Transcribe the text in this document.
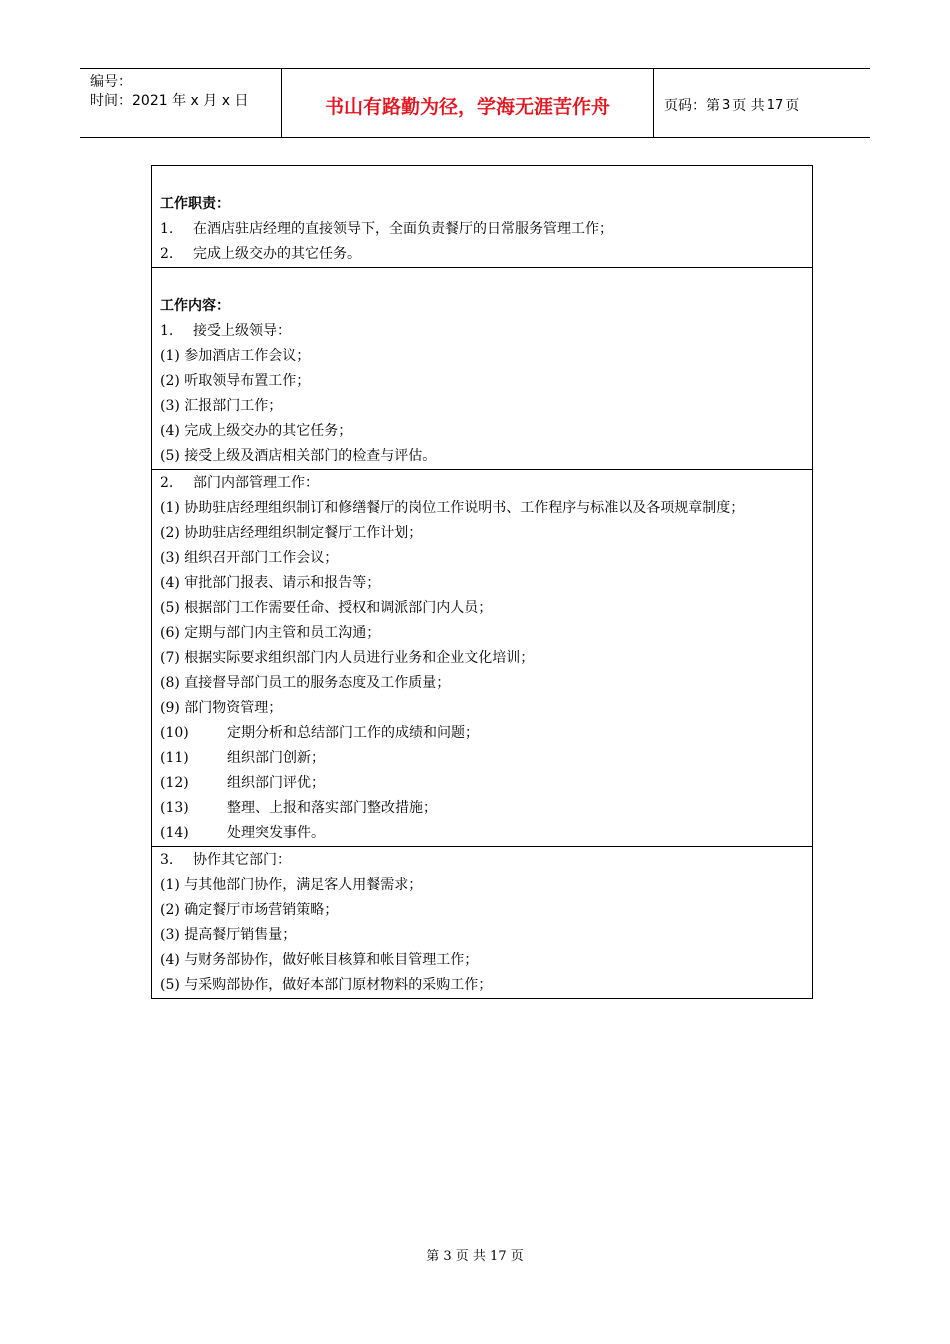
编号：
时间：2021 年 x 月 x 日	书山有路勤为径，学海无涯苦作舟	页码：第 3 页 共 17 页
工作职责：
1. 在酒店驻店经理的直接领导下，全面负责餐厅的日常服务管理工作；
2. 完成上级交办的其它任务。
工作内容：
1. 接受上级领导：
(1) 参加酒店工作会议；
(2) 听取领导布置工作；
(3) 汇报部门工作；
(4) 完成上级交办的其它任务；
(5) 接受上级及酒店相关部门的检查与评估。
2. 部门内部管理工作：
(1) 协助驻店经理组织制订和修缮餐厅的岗位工作说明书、工作程序与标准以及各项规章制度；
(2) 协助驻店经理组织制定餐厅工作计划；
(3) 组织召开部门工作会议；
(4) 审批部门报表、请示和报告等；
(5) 根据部门工作需要任命、授权和调派部门内人员；
(6) 定期与部门内主管和员工沟通；
(7) 根据实际要求组织部门内人员进行业务和企业文化培训；
(8) 直接督导部门员工的服务态度及工作质量；
(9) 部门物资管理；
(10)	定期分析和总结部门工作的成绩和问题；
(11)	组织部门创新；
(12)	组织部门评优；
(13)	整理、上报和落实部门整改措施；
(14)	处理突发事件。
3. 协作其它部门：
(1) 与其他部门协作，满足客人用餐需求；
(2) 确定餐厅市场营销策略；
(3) 提高餐厅销售量；
(4) 与财务部协作，做好帐目核算和帐目管理工作；
(5) 与采购部协作，做好本部门原材物料的采购工作；
第 3 页 共 17 页
